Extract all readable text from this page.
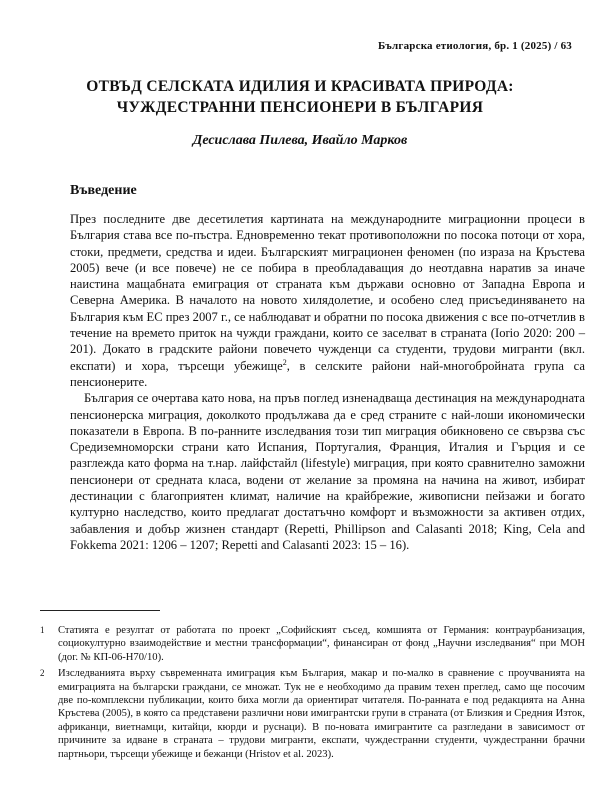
Българска етиология, бр. 1 (2025) / 63
ОТВЪД СЕЛСКАТА ИДИЛИЯ И КРАСИВАТА ПРИРОДА:
ЧУЖДЕСТРАННИ ПЕНСИОНЕРИ В БЪЛГАРИЯ
Десислава Пилева, Ивайло Марков
Въведение

През последните две десетилетия картината на международните миграционни процеси в България става все по-пъстра. Едновременно текат противоположни по посока потоци от хора, стоки, предмети, средства и идеи. Българският миграционен феномен (по израза на Кръстева 2005) вече (и все повече) не се побира в преобладаващия до неотдавна наратив за иначе наистина мащабната емиграция от страната към държави основно от Западна Европа и Северна Америка. В началото на новото хилядолетие, и особено след присъединяването на България към ЕС през 2007 г., се наблюдават и обратни по посока движения с все по-отчетлив в течение на времето приток на чужди граждани, които се заселват в страната (Iorio 2020: 200 – 201). Докато в градските райони повечето чужденци са студенти, трудови мигранти (вкл. експати) и хора, търсещи убежище$^2$, в селските райони най-многобройната група са пенсионерите.

България се очертава като нова, на пръв поглед изненадваща дестинация на международната пенсионерска миграция, доколкото продължава да е сред страните с най-лоши икономически показатели в Европа. В по-ранните изследвания този тип миграция обикновено се свързва със Средиземноморски страни като Испания, Португалия, Франция, Италия и Гърция и се разглежда като форма на т.нар. лайфстайл (lifestyle) миграция, при която сравнително заможни пенсионери от средната класа, водени от желание за промяна на начина на живот, избират дестинации с благоприятен климат, наличие на крайбрежие, живописни пейзажи и богато културно наследство, които предлагат достатъчно комфорт и възможности за активен отдих, забавления и добър жизнен стандарт (Repetti, Phillipson and Calasanti 2018; King, Cela and Fokkema 2021: 1206 – 1207; Repetti and Calasanti 2023: 15 – 16).

1	Статията е резултат от работата по проект „Софийският съсед, комшията от Германия: контраурбанизация, социокултурно взаимодействие и местни трансформации“, финансиран от фонд „Научни изследвания“ при МОН (дог. № КП-06-Н70/10).
2	Изследванията върху съвременната имиграция към България, макар и по-малко в сравнение с проучванията на емиграцията на български граждани, се множат. Тук не е необходимо да правим техен преглед, само ще посочим две по-комплексни публикации, които биха могли да ориентират читателя. По-ранната е под редакцията на Анна Кръстева (2005), в която са представени различни нови имигрантски групи в страната (от Близкия и Средния Изток, африканци, виетнамци, китайци, кюрди и руснаци). В по-новата имигрантите са разгледани в зависимост от причините за идване в страната – трудови мигранти, експати, чуждестранни студенти, чуждестранни брачни партньори, търсещи убежище и бежанци (Hristov et al. 2023).
